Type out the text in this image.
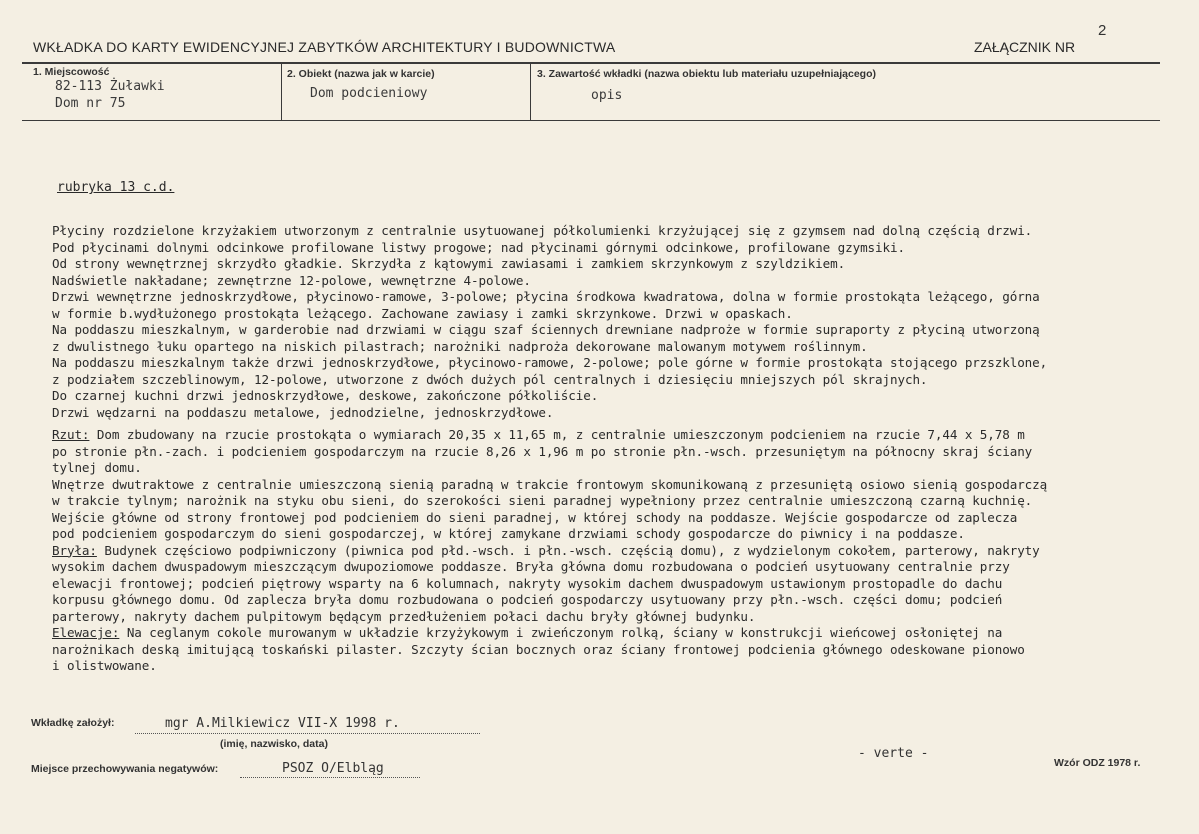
2
WKŁADKA DO KARTY EWIDENCYJNEJ ZABYTKÓW ARCHITEKTURY I BUDOWNICTWA	ZAŁĄCZNIK NR
1. Miejscowość
82-113 Żuławki
Dom nr 75
2. Obiekt (nazwa jak w karcie)
Dom podcieniowy
3. Zawartość wkładki (nazwa obiektu lub materiału uzupełniającego)
opis
rubryka 13 c.d.
Płyciny rozdzielone krzyżakiem utworzonym z centralnie usytuowanej półkolumienki krzyżującej się z gzymsem nad dolną częścią drzwi.
Pod płycinami dolnymi odcinkowe profilowane listwy progowe; nad płycinami górnymi odcinkowe, profilowane gzymsiki.
Od strony wewnętrznej skrzydło gładkie. Skrzydła z kątowymi zawiasami i zamkiem skrzynkowym z szyldzikiem.
Nadświetle nakładane; zewnętrzne 12-polowe, wewnętrzne 4-polowe.
Drzwi wewnętrzne jednoskrzydłowe, płycinowo-ramowe, 3-polowe; płycina środkowa kwadratowa, dolna w formie prostokąta leżącego, górna
w formie b.wydłużonego prostokąta leżącego. Zachowane zawiasy i zamki skrzynkowe. Drzwi w opaskach.
Na poddaszu mieszkalnym, w garderobie nad drzwiami w ciągu szaf ściennych drewniane nadproże w formie supraporty z płyciną utworzoną
z dwulistnego łuku opartego na niskich pilastrach; narożniki nadproża dekorowane malowanym motywem roślinnym.
Na poddaszu mieszkalnym także drzwi jednoskrzydłowe, płycinowo-ramowe, 2-polowe; pole górne w formie prostokąta stojącego przszklone,
z podziałem szczeblinowym, 12-polowe, utworzone z dwóch dużych pól centralnych i dziesięciu mniejszych pól skrajnych.
Do czarnej kuchni drzwi jednoskrzydłowe, deskowe, zakończone półkoliście.
Drzwi wędzarni na poddaszu metalowe, jednodzielne, jednoskrzydłowe.
Rzut: Dom zbudowany na rzucie prostokąta o wymiarach 20,35 x 11,65 m, z centralnie umieszczonym podcieniem na rzucie 7,44 x 5,78 m
po stronie płn.-zach. i podcieniem gospodarczym na rzucie 8,26 x 1,96 m po stronie płn.-wsch. przesuniętym na północny skraj ściany
tylnej domu.
Wnętrze dwutraktowe z centralnie umieszczoną sienią paradną w trakcie frontowym skomunikowaną z przesuniętą osiowo sienią gospodarczą
w trakcie tylnym; narożnik na styku obu sieni, do szerokości sieni paradnej wypełniony przez centralnie umieszczoną czarną kuchnię.
Wejście główne od strony frontowej pod podcieniem do sieni paradnej, w której schody na poddasze. Wejście gospodarcze od zaplecza
pod podcieniem gospodarczym do sieni gospodarczej, w której zamykane drzwiami schody gospodarcze do piwnicy i na poddasze.
Bryła: Budynek częściowo podpiwniczony (piwnica pod płd.-wsch. i płn.-wsch. częścią domu), z wydzielonym cokołem, parterowy, nakryty
wysokim dachem dwuspadowym mieszczącym dwupoziomowe poddasze. Bryła główna domu rozbudowana o podcień usytuowany centralnie przy
elewacji frontowej; podcień piętrowy wsparty na 6 kolumnach, nakryty wysokim dachem dwuspadowym ustawionym prostopadle do dachu
korpusu głównego domu. Od zaplecza bryła domu rozbudowana o podcień gospodarczy usytuowany przy płn.-wsch. części domu; podcień
parterowy, nakryty dachem pulpitowym będącym przedłużeniem połaci dachu bryły głównej budynku.
Elewacje: Na ceglanym cokole murowanym w układzie krzyżykowym i zwieńczonym rolką, ściany w konstrukcji wieńcowej osłoniętej na
narożnikach deską imitującą toskański pilaster. Szczyty ścian bocznych oraz ściany frontowej podcienia głównego odeskowane pionowo
i olistwowane.
Wkładkę założył:	mgr A.Milkiewicz VII-X 1998 r.
(imię, nazwisko, data)
- verte -
Miejsce przechowywania negatywów:	PSOZ O/Elbląg	Wzór ODZ 1978 r.
